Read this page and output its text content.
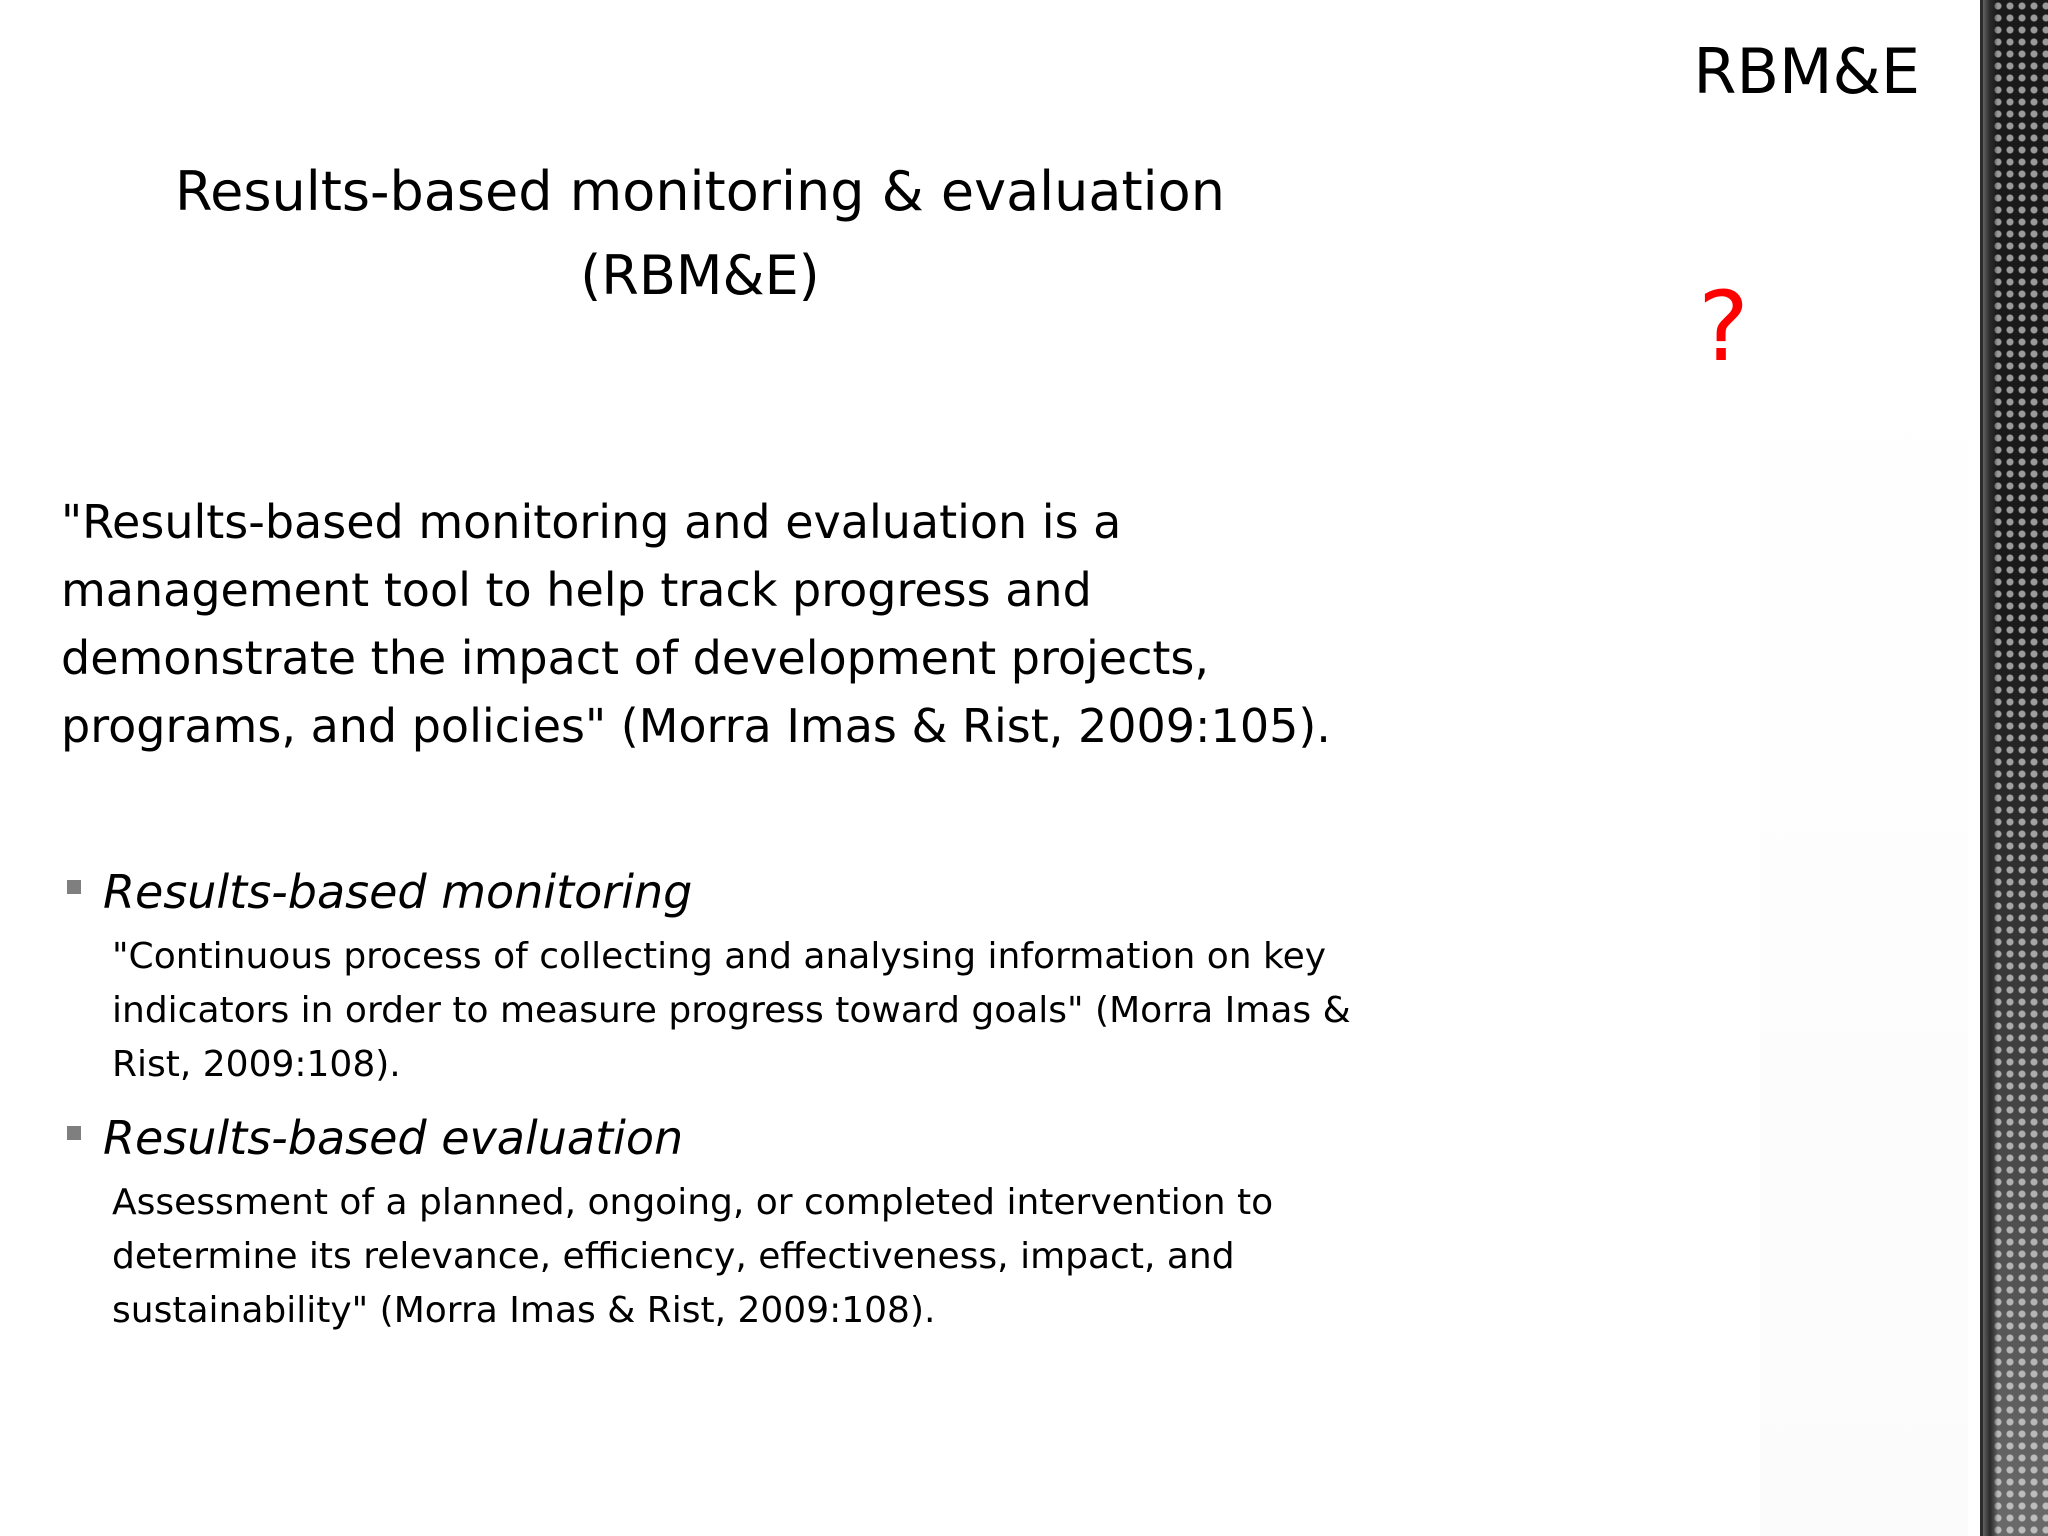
RBM&E
?
Results-based monitoring & evaluation
(RBM&E)
"Results-based monitoring and evaluation is a management tool to help track progress and demonstrate the impact of development projects, programs, and policies" (Morra Imas & Rist, 2009:105).
Results-based monitoring
"Continuous process of collecting and analysing information on key indicators in order to measure progress toward goals" (Morra Imas & Rist, 2009:108).
Results-based evaluation
Assessment of a planned, ongoing, or completed intervention to determine its relevance, efficiency, effectiveness, impact, and sustainability" (Morra Imas & Rist, 2009:108).
